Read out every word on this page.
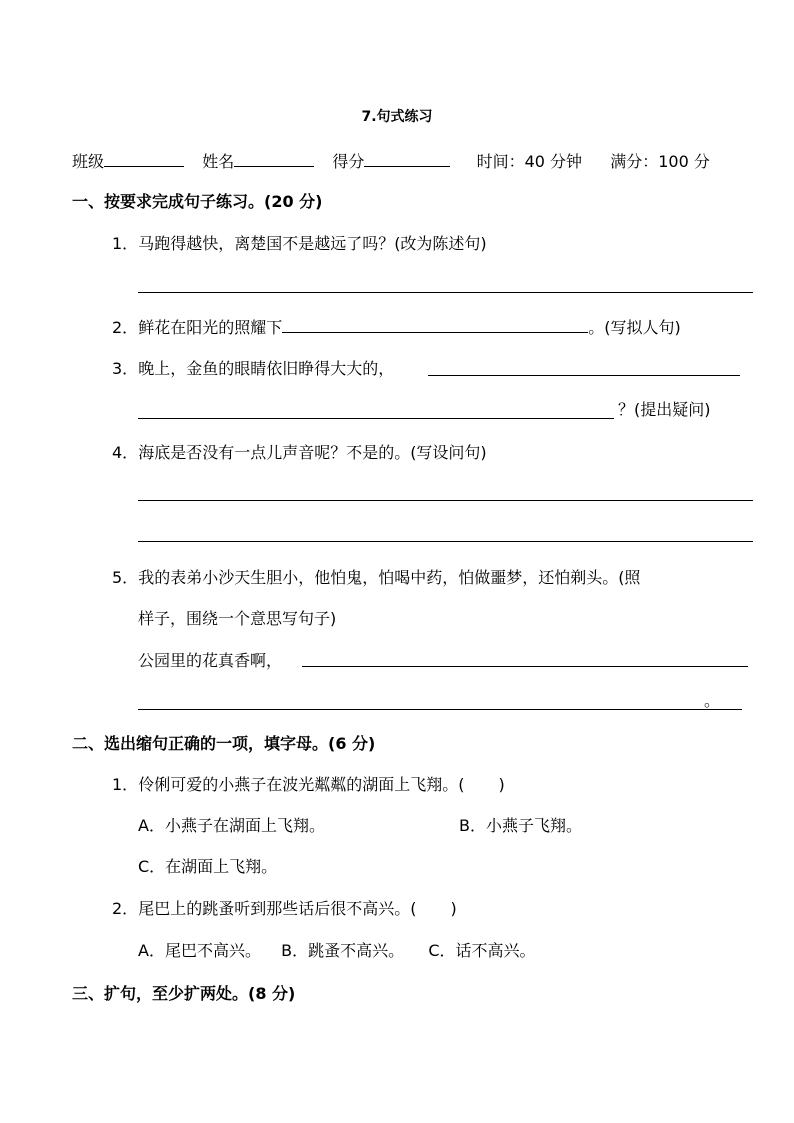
7.句式练习
班级	姓名	得分	时间：40 分钟 满分：100 分
一、按要求完成句子练习。(20 分)
1．马跑得越快，离楚国不是越远了吗？(改为陈述句)
2．鲜花在阳光的照耀下	。(写拟人句)
3．晚上，金鱼的眼睛依旧睁得大大的，
？(提出疑问)
4．海底是否没有一点儿声音呢？不是的。(写设问句)
5．我的表弟小沙天生胆小，他怕鬼，怕喝中药，怕做噩梦，还怕剃头。(照
样子，围绕一个意思写句子)
公园里的花真香啊，
。
二、选出缩句正确的一项，填字母。(6 分)
1．伶俐可爱的小燕子在波光粼粼的湖面上飞翔。( )
A．小燕子在湖面上飞翔。	B．小燕子飞翔。
C．在湖面上飞翔。
2．尾巴上的跳蚤听到那些话后很不高兴。( )
A．尾巴不高兴。 B．跳蚤不高兴。 C．话不高兴。
三、扩句，至少扩两处。(8 分)
